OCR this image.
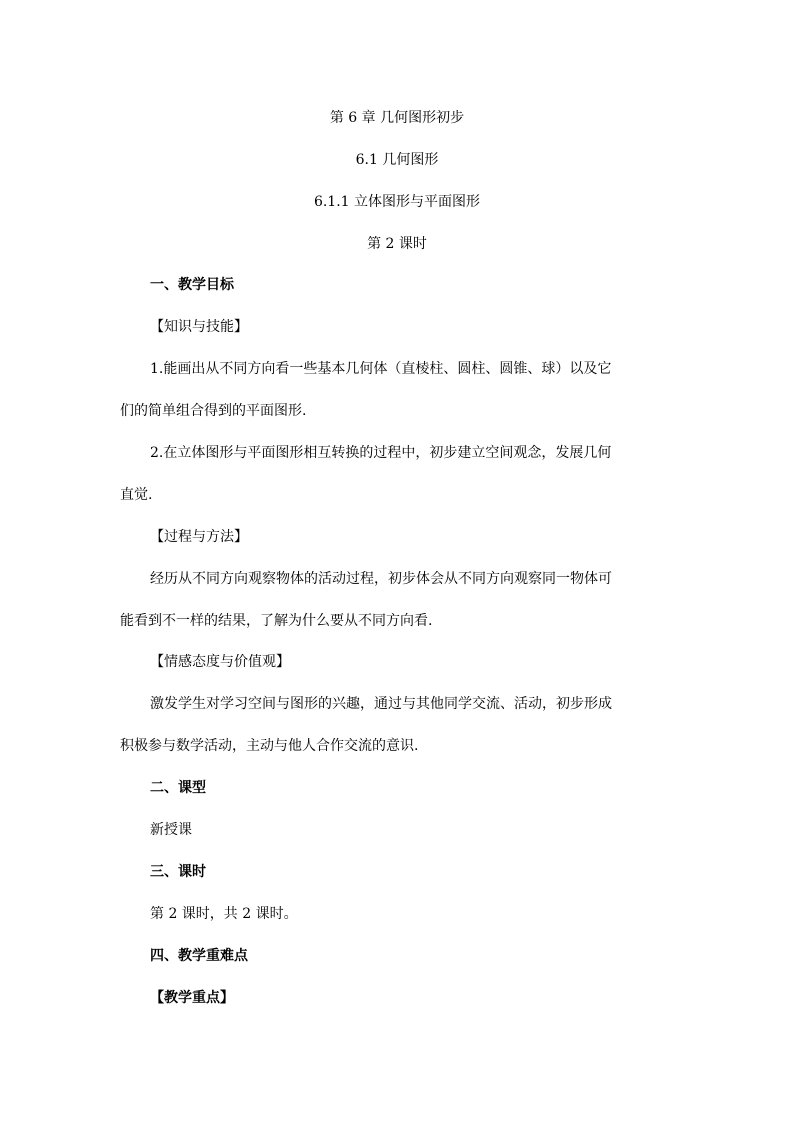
第 6 章 几何图形初步
6.1 几何图形
6.1.1 立体图形与平面图形
第 2 课时
一、教学目标
【知识与技能】
1.能画出从不同方向看一些基本几何体（直棱柱、圆柱、圆锥、球）以及它
们的简单组合得到的平面图形.
2.在立体图形与平面图形相互转换的过程中，初步建立空间观念，发展几何
直觉.
【过程与方法】
经历从不同方向观察物体的活动过程，初步体会从不同方向观察同一物体可
能看到不一样的结果，了解为什么要从不同方向看.
【情感态度与价值观】
激发学生对学习空间与图形的兴趣，通过与其他同学交流、活动，初步形成
积极参与数学活动，主动与他人合作交流的意识.
二、课型
新授课
三、课时
第 2 课时，共 2 课时。
四、教学重难点
【教学重点】
